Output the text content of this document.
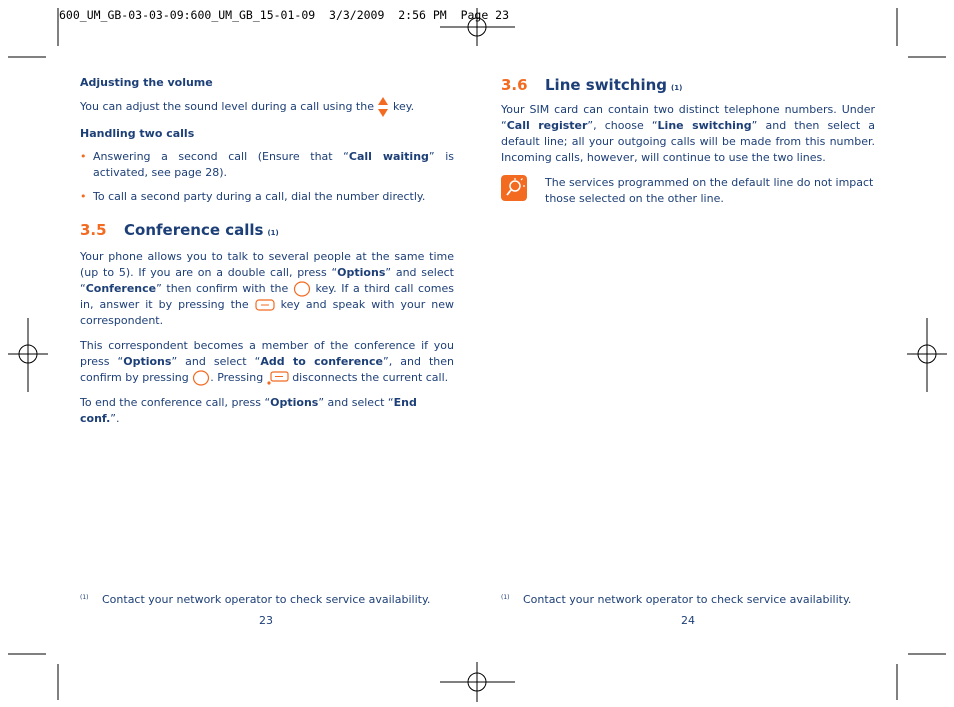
600_UM_GB-03-03-09:600_UM_GB_15-01-09  3/3/2009  2:56 PM  Page 23
Adjusting the volume

You can adjust the sound level during a call using the key.

Handling two calls

• Answering a second call (Ensure that “Call waiting” is activated, see page 28).

• To call a second party during a call, dial the number directly.

3.5	Conference calls $_{(1)}$

Your phone allows you to talk to several people at the same time (up to 5). If you are on a double call, press “Options” and select “Conference” then confirm with the key. If a third call comes in, answer it by pressing the	key and speak with your new correspondent.

This correspondent becomes a member of the conference if you press “Options” and select “Add to conference”, and then confirm by pressing . Pressing	disconnects the current call.

To end the conference call, press “Options” and select “End conf.”.

(1)	Contact your network operator to check service availability.
23
3.6	Line switching $_{(1)}$

Your SIM card can contain two distinct telephone numbers. Under “Call register”, choose “Line switching” and then select a default line; all your outgoing calls will be made from this number. Incoming calls, however, will continue to use the two lines.

The services programmed on the default line do not impact those selected on the other line.

(1)	Contact your network operator to check service availability.
24
